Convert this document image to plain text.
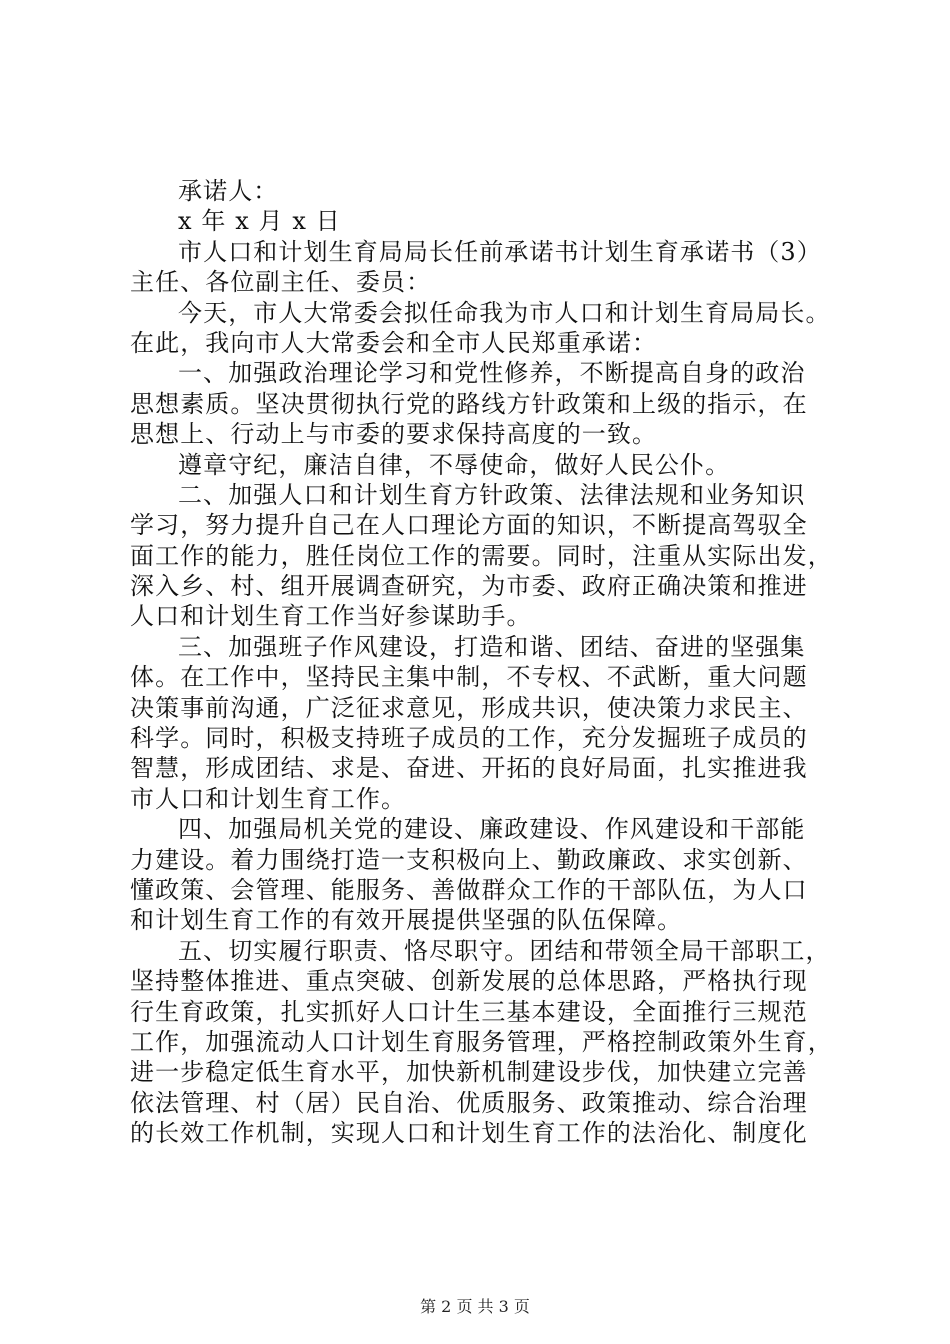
承诺人：
x 年 x 月 x 日
市人口和计划生育局局长任前承诺书计划生育承诺书（3）
主任、各位副主任、委员：
今天，市人大常委会拟任命我为市人口和计划生育局局长。
在此，我向市人大常委会和全市人民郑重承诺：
一、加强政治理论学习和党性修养，不断提高自身的政治
思想素质。坚决贯彻执行党的路线方针政策和上级的指示，在
思想上、行动上与市委的要求保持高度的一致。
遵章守纪，廉洁自律，不辱使命，做好人民公仆。
二、加强人口和计划生育方针政策、法律法规和业务知识
学习，努力提升自己在人口理论方面的知识，不断提高驾驭全
面工作的能力，胜任岗位工作的需要。同时，注重从实际出发，
深入乡、村、组开展调查研究，为市委、政府正确决策和推进
人口和计划生育工作当好参谋助手。
三、加强班子作风建设，打造和谐、团结、奋进的坚强集
体。在工作中，坚持民主集中制，不专权、不武断，重大问题
决策事前沟通，广泛征求意见，形成共识，使决策力求民主、
科学。同时，积极支持班子成员的工作，充分发掘班子成员的
智慧，形成团结、求是、奋进、开拓的良好局面，扎实推进我
市人口和计划生育工作。
四、加强局机关党的建设、廉政建设、作风建设和干部能
力建设。着力围绕打造一支积极向上、勤政廉政、求实创新、
懂政策、会管理、能服务、善做群众工作的干部队伍，为人口
和计划生育工作的有效开展提供坚强的队伍保障。
五、切实履行职责、恪尽职守。团结和带领全局干部职工，
坚持整体推进、重点突破、创新发展的总体思路，严格执行现
行生育政策，扎实抓好人口计生三基本建设，全面推行三规范
工作，加强流动人口计划生育服务管理，严格控制政策外生育，
进一步稳定低生育水平，加快新机制建设步伐，加快建立完善
依法管理、村（居）民自治、优质服务、政策推动、综合治理
的长效工作机制，实现人口和计划生育工作的法治化、制度化
第 2 页 共 3 页
